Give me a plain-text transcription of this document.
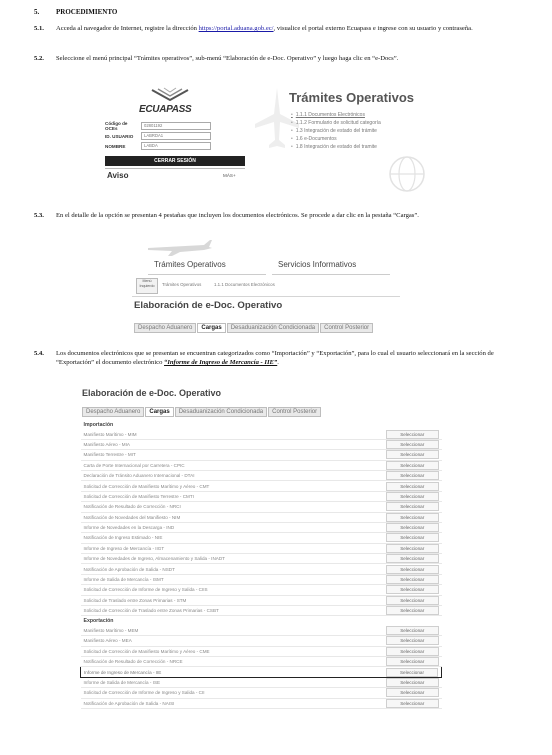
5. PROCEDIMIENTO
5.1. Acceda al navegador de Internet, registre la dirección https://portal.aduana.gob.ec/, visualice el portal externo Ecuapass e ingrese con su usuario y contraseña.
5.2. Seleccione el menú principal “Trámites operativos”, sub-menú “Elaboración de e-Doc. Operativo” y luego haga clic en “e-Docs”.
ECUAPASS
Código de OCEs
02801192
ID. USUARIO	LABRDA1
NOMBRE	LABDA
CERRAR SESIÓN
Aviso	MÁS+
Trámites Operativos
• 1.1.1 Documentos Electrónicos
• 1.1.2 Formulario de solicitud categoría
• 1.3 Integración de estado del trámite
• 1.6 e-Documentos
• 1.8 Integración de estado del tramite
5.3. En el detalle de la opción se presentan 4 pestañas que incluyen los documentos electrónicos. Se procede a dar clic en la pestaña “Cargas”.
Trámites Operativos	Servicios Informativos
Menú Inquierdo	Trámites Operativos	1.1.1 Documentos Electrónicos
Elaboración de e-Doc. Operativo
Despacho Aduanero Cargas Desaduanización Condicionada Control Posterior
5.4. Los documentos electrónicos que se presentan se encuentran categorizados como “Importación” y “Exportación”, para lo cual el usuario seleccionará en la sección de “Exportación” el documento electrónico “Informe de Ingreso de Mercancía - IIE”.
Elaboración de e-Doc. Operativo
Despacho Aduanero Cargas Desaduanización Condicionada Control Posterior
Importación	
Manifiesto Marítimo - MIM	Seleccionar

Manifiesto Aéreo - MIA	Seleccionar

Manifiesto Terrestre - MIT	Seleccionar

Carta de Porte Internacional por Carretera - CPIC	Seleccionar

Declaración de Tránsito Aduanero Internacional - DTAI	Seleccionar

Solicitud de Corrección de Manifiesto Marítimo y Aéreo - CMT	Seleccionar

Solicitud de Corrección de Manifiesto Terrestre - CMTI	Seleccionar

Notificación de Resultado de Corrección - NRCI	Seleccionar

Notificación de Novedades del Manifiesto - NIM	Seleccionar

Informe de Novedades en la Descarga - IND	Seleccionar

Notificación de Ingreso Estimado - NIE	Seleccionar

Informe de Ingreso de Mercancía - IIGT	Seleccionar

Informe de Novedades de Ingreso, Almacenamiento y Salida - INADT	Seleccionar

Notificación de Aprobación de Salida - NSDT	Seleccionar

Informe de Salida de Mercancía - ISMT	Seleccionar

Solicitud de Corrección de Informe de Ingreso y Salida - CIIS	Seleccionar

Solicitud de Traslado entre Zonas Primarias - STM	Seleccionar

Solicitud de Corrección de Traslado entre Zonas Primarias - CSBT	Seleccionar

Exportación	
Manifiesto Marítimo - MEM	Seleccionar

Manifiesto Aéreo - MEA	Seleccionar

Solicitud de Corrección de Manifiesto Marítimo y Aéreo - CME	Seleccionar

Notificación de Resultado de Corrección - NRCE	Seleccionar

Informe de Ingreso de Mercancía - IIE	Seleccionar

Informe de Salida de Mercancía - ISE	Seleccionar

Solicitud de Corrección de Informe de Ingreso y Salida - CII	Seleccionar

Notificación de Aprobación de Salida - NAISI	Seleccionar
